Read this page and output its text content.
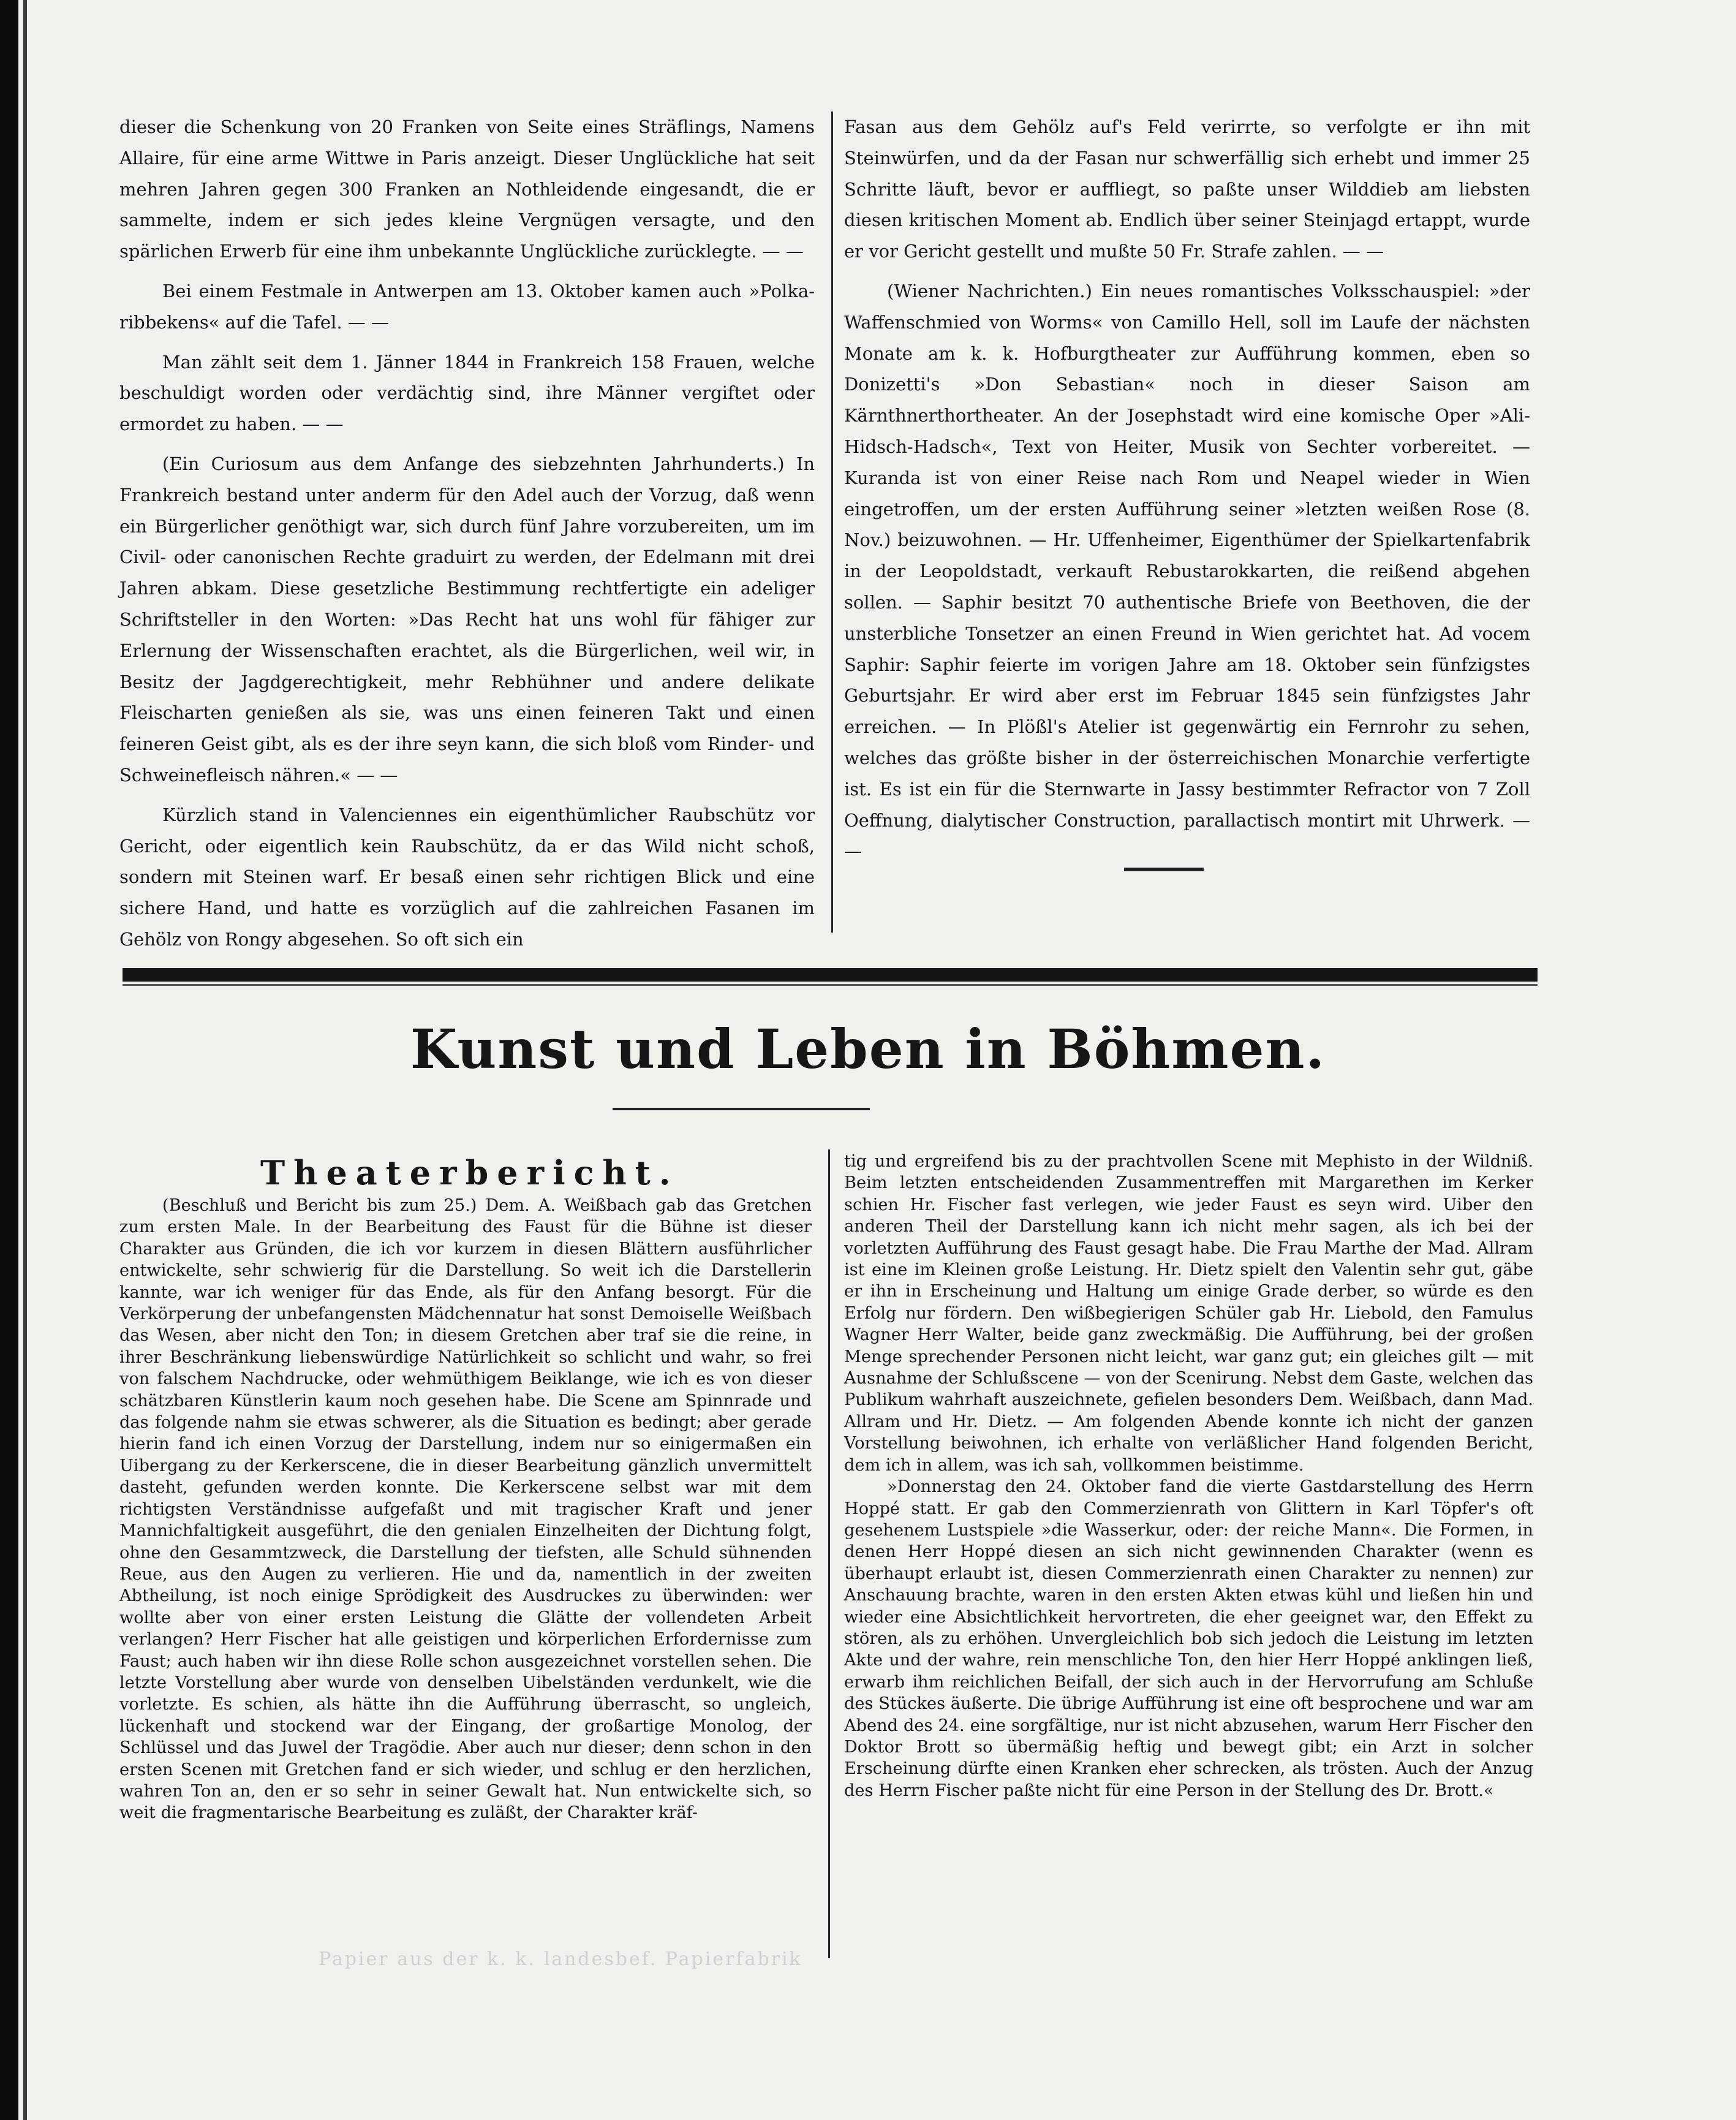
dieser die Schenkung von 20 Franken von Seite eines Sträflings, Namens Allaire, für eine arme Wittwe in Paris anzeigt. Dieser Unglückliche hat seit mehren Jahren gegen 300 Franken an Nothleidende eingesandt, die er sammelte, indem er sich jedes kleine Vergnügen versagte, und den spärlichen Erwerb für eine ihm unbekannte Unglückliche zurücklegte. — —

Bei einem Festmale in Antwerpen am 13. Oktober kamen auch »Polka-ribbekens« auf die Tafel. — —

Man zählt seit dem 1. Jänner 1844 in Frankreich 158 Frauen, welche beschuldigt worden oder verdächtig sind, ihre Männer vergiftet oder ermordet zu haben. — —

(Ein Curiosum aus dem Anfange des siebzehnten Jahrhunderts.) In Frankreich bestand unter anderm für den Adel auch der Vorzug, daß wenn ein Bürgerlicher genöthigt war, sich durch fünf Jahre vorzubereiten, um im Civil- oder canonischen Rechte graduirt zu werden, der Edelmann mit drei Jahren abkam. Diese gesetzliche Bestimmung rechtfertigte ein adeliger Schriftsteller in den Worten: »Das Recht hat uns wohl für fähiger zur Erlernung der Wissenschaften erachtet, als die Bürgerlichen, weil wir, in Besitz der Jagdgerechtigkeit, mehr Rebhühner und andere delikate Fleischarten genießen als sie, was uns einen feineren Takt und einen feineren Geist gibt, als es der ihre seyn kann, die sich bloß vom Rinder- und Schweinefleisch nähren.« — —

Kürzlich stand in Valenciennes ein eigenthümlicher Raubschütz vor Gericht, oder eigentlich kein Raubschütz, da er das Wild nicht schoß, sondern mit Steinen warf. Er besaß einen sehr richtigen Blick und eine sichere Hand, und hatte es vorzüglich auf die zahlreichen Fasanen im Gehölz von Rongy abgesehen. So oft sich ein

Fasan aus dem Gehölz auf's Feld verirrte, so verfolgte er ihn mit Steinwürfen, und da der Fasan nur schwerfällig sich erhebt und immer 25 Schritte läuft, bevor er auffliegt, so paßte unser Wilddieb am liebsten diesen kritischen Moment ab. Endlich über seiner Steinjagd ertappt, wurde er vor Gericht gestellt und mußte 50 Fr. Strafe zahlen. — —

(Wiener Nachrichten.) Ein neues romantisches Volksschauspiel: »der Waffenschmied von Worms« von Camillo Hell, soll im Laufe der nächsten Monate am k. k. Hofburgtheater zur Aufführung kommen, eben so Donizetti's »Don Sebastian« noch in dieser Saison am Kärnthnerthortheater. An der Josephstadt wird eine komische Oper »Ali-Hidsch-Hadsch«, Text von Heiter, Musik von Sechter vorbereitet. — Kuranda ist von einer Reise nach Rom und Neapel wieder in Wien eingetroffen, um der ersten Aufführung seiner »letzten weißen Rose (8. Nov.) beizuwohnen. — Hr. Uffenheimer, Eigenthümer der Spielkartenfabrik in der Leopoldstadt, verkauft Rebustarokkarten, die reißend abgehen sollen. — Saphir besitzt 70 authentische Briefe von Beethoven, die der unsterbliche Tonsetzer an einen Freund in Wien gerichtet hat. Ad vocem Saphir: Saphir feierte im vorigen Jahre am 18. Oktober sein fünfzigstes Geburtsjahr. Er wird aber erst im Februar 1845 sein fünfzigstes Jahr erreichen. — In Plößl's Atelier ist gegenwärtig ein Fernrohr zu sehen, welches das größte bisher in der österreichischen Monarchie verfertigte ist. Es ist ein für die Sternwarte in Jassy bestimmter Refractor von 7 Zoll Oeffnung, dialytischer Construction, parallactisch montirt mit Uhrwerk. — —

Kunst und Leben in Böhmen.
Theaterbericht.

(Beschluß und Bericht bis zum 25.) Dem. A. Weißbach gab das Gretchen zum ersten Male. In der Bearbeitung des Faust für die Bühne ist dieser Charakter aus Gründen, die ich vor kurzem in diesen Blättern ausführlicher entwickelte, sehr schwierig für die Darstellung. So weit ich die Darstellerin kannte, war ich weniger für das Ende, als für den Anfang besorgt. Für die Verkörperung der unbefangensten Mädchennatur hat sonst Demoiselle Weißbach das Wesen, aber nicht den Ton; in diesem Gretchen aber traf sie die reine, in ihrer Beschränkung liebenswürdige Natürlichkeit so schlicht und wahr, so frei von falschem Nachdrucke, oder wehmüthigem Beiklange, wie ich es von dieser schätzbaren Künstlerin kaum noch gesehen habe. Die Scene am Spinnrade und das folgende nahm sie etwas schwerer, als die Situation es bedingt; aber gerade hierin fand ich einen Vorzug der Darstellung, indem nur so einigermaßen ein Uibergang zu der Kerkerscene, die in dieser Bearbeitung gänzlich unvermittelt dasteht, gefunden werden konnte. Die Kerkerscene selbst war mit dem richtigsten Verständnisse aufgefaßt und mit tragischer Kraft und jener Mannichfaltigkeit ausgeführt, die den genialen Einzelheiten der Dichtung folgt, ohne den Gesammtzweck, die Darstellung der tiefsten, alle Schuld sühnenden Reue, aus den Augen zu verlieren. Hie und da, namentlich in der zweiten Abtheilung, ist noch einige Sprödigkeit des Ausdruckes zu überwinden: wer wollte aber von einer ersten Leistung die Glätte der vollendeten Arbeit verlangen? Herr Fischer hat alle geistigen und körperlichen Erfordernisse zum Faust; auch haben wir ihn diese Rolle schon ausgezeichnet vorstellen sehen. Die letzte Vorstellung aber wurde von denselben Uibelständen verdunkelt, wie die vorletzte. Es schien, als hätte ihn die Aufführung überrascht, so ungleich, lückenhaft und stockend war der Eingang, der großartige Monolog, der Schlüssel und das Juwel der Tragödie. Aber auch nur dieser; denn schon in den ersten Scenen mit Gretchen fand er sich wieder, und schlug er den herzlichen, wahren Ton an, den er so sehr in seiner Gewalt hat. Nun entwickelte sich, so weit die fragmentarische Bearbeitung es zuläßt, der Charakter kräf-

tig und ergreifend bis zu der prachtvollen Scene mit Mephisto in der Wildniß. Beim letzten entscheidenden Zusammentreffen mit Margarethen im Kerker schien Hr. Fischer fast verlegen, wie jeder Faust es seyn wird. Uiber den anderen Theil der Darstellung kann ich nicht mehr sagen, als ich bei der vorletzten Aufführung des Faust gesagt habe. Die Frau Marthe der Mad. Allram ist eine im Kleinen große Leistung. Hr. Dietz spielt den Valentin sehr gut, gäbe er ihn in Erscheinung und Haltung um einige Grade derber, so würde es den Erfolg nur fördern. Den wißbegierigen Schüler gab Hr. Liebold, den Famulus Wagner Herr Walter, beide ganz zweckmäßig. Die Aufführung, bei der großen Menge sprechender Personen nicht leicht, war ganz gut; ein gleiches gilt — mit Ausnahme der Schlußscene — von der Scenirung. Nebst dem Gaste, welchen das Publikum wahrhaft auszeichnete, gefielen besonders Dem. Weißbach, dann Mad. Allram und Hr. Dietz. — Am folgenden Abende konnte ich nicht der ganzen Vorstellung beiwohnen, ich erhalte von verläßlicher Hand folgenden Bericht, dem ich in allem, was ich sah, vollkommen beistimme.

»Donnerstag den 24. Oktober fand die vierte Gastdarstellung des Herrn Hoppé statt. Er gab den Commerzienrath von Glittern in Karl Töpfer's oft gesehenem Lustspiele »die Wasserkur, oder: der reiche Mann«. Die Formen, in denen Herr Hoppé diesen an sich nicht gewinnenden Charakter (wenn es überhaupt erlaubt ist, diesen Commerzienrath einen Charakter zu nennen) zur Anschauung brachte, waren in den ersten Akten etwas kühl und ließen hin und wieder eine Absichtlichkeit hervortreten, die eher geeignet war, den Effekt zu stören, als zu erhöhen. Unvergleichlich bob sich jedoch die Leistung im letzten Akte und der wahre, rein menschliche Ton, den hier Herr Hoppé anklingen ließ, erwarb ihm reichlichen Beifall, der sich auch in der Hervorrufung am Schluße des Stückes äußerte. Die übrige Aufführung ist eine oft besprochene und war am Abend des 24. eine sorgfältige, nur ist nicht abzusehen, warum Herr Fischer den Doktor Brott so übermäßig heftig und bewegt gibt; ein Arzt in solcher Erscheinung dürfte einen Kranken eher schrecken, als trösten. Auch der Anzug des Herrn Fischer paßte nicht für eine Person in der Stellung des Dr. Brott.«

Papier aus der k. k. landesbef. Papierfabrik
